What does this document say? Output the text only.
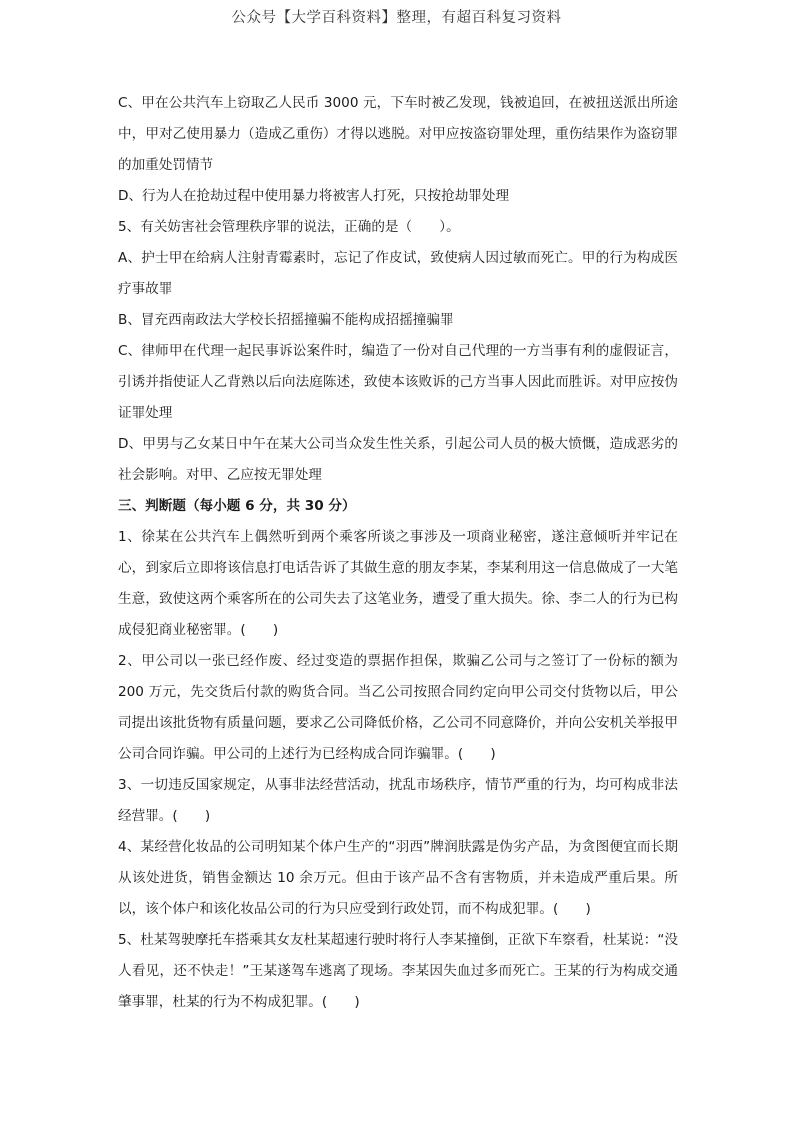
公众号【大学百科资料】整理，有超百科复习资料

C、甲在公共汽车上窃取乙人民币 3000 元，下车时被乙发现，钱被追回，在被扭送派出所途中，甲对乙使用暴力（造成乙重伤）才得以逃脱。对甲应按盗窃罪处理，重伤结果作为盗窃罪的加重处罚情节

D、行为人在抢劫过程中使用暴力将被害人打死，只按抢劫罪处理

5、有关妨害社会管理秩序罪的说法，正确的是（　　）。

A、护士甲在给病人注射青霉素时，忘记了作皮试，致使病人因过敏而死亡。甲的行为构成医疗事故罪

B、冒充西南政法大学校长招摇撞骗不能构成招摇撞骗罪

C、律师甲在代理一起民事诉讼案件时，编造了一份对自己代理的一方当事有利的虚假证言，引诱并指使证人乙背熟以后向法庭陈述，致使本该败诉的己方当事人因此而胜诉。对甲应按伪证罪处理

D、甲男与乙女某日中午在某大公司当众发生性关系，引起公司人员的极大愤慨，造成恶劣的社会影响。对甲、乙应按无罪处理

三、判断题（每小题 6 分，共 30 分）

1、徐某在公共汽车上偶然听到两个乘客所谈之事涉及一项商业秘密，遂注意倾听并牢记在心，到家后立即将该信息打电话告诉了其做生意的朋友李某，李某利用这一信息做成了一大笔生意，致使这两个乘客所在的公司失去了这笔业务，遭受了重大损失。徐、李二人的行为已构成侵犯商业秘密罪。(　　)

2、甲公司以一张已经作废、经过变造的票据作担保，欺骗乙公司与之签订了一份标的额为 200 万元，先交货后付款的购货合同。当乙公司按照合同约定向甲公司交付货物以后，甲公司提出该批货物有质量问题，要求乙公司降低价格，乙公司不同意降价，并向公安机关举报甲公司合同诈骗。甲公司的上述行为已经构成合同诈骗罪。(　　)

3、一切违反国家规定，从事非法经营活动，扰乱市场秩序，情节严重的行为，均可构成非法经营罪。(　　)

4、某经营化妆品的公司明知某个体户生产的“羽西”牌润肤露是伪劣产品，为贪图便宜而长期从该处进货，销售金额达 10 余万元。但由于该产品不含有害物质，并未造成严重后果。所以，该个体户和该化妆品公司的行为只应受到行政处罚，而不构成犯罪。(　　)

5、杜某驾驶摩托车搭乘其女友杜某超速行驶时将行人李某撞倒，正欲下车察看，杜某说：“没人看见，还不快走！”王某遂驾车逃离了现场。李某因失血过多而死亡。王某的行为构成交通肇事罪，杜某的行为不构成犯罪。(　　)
